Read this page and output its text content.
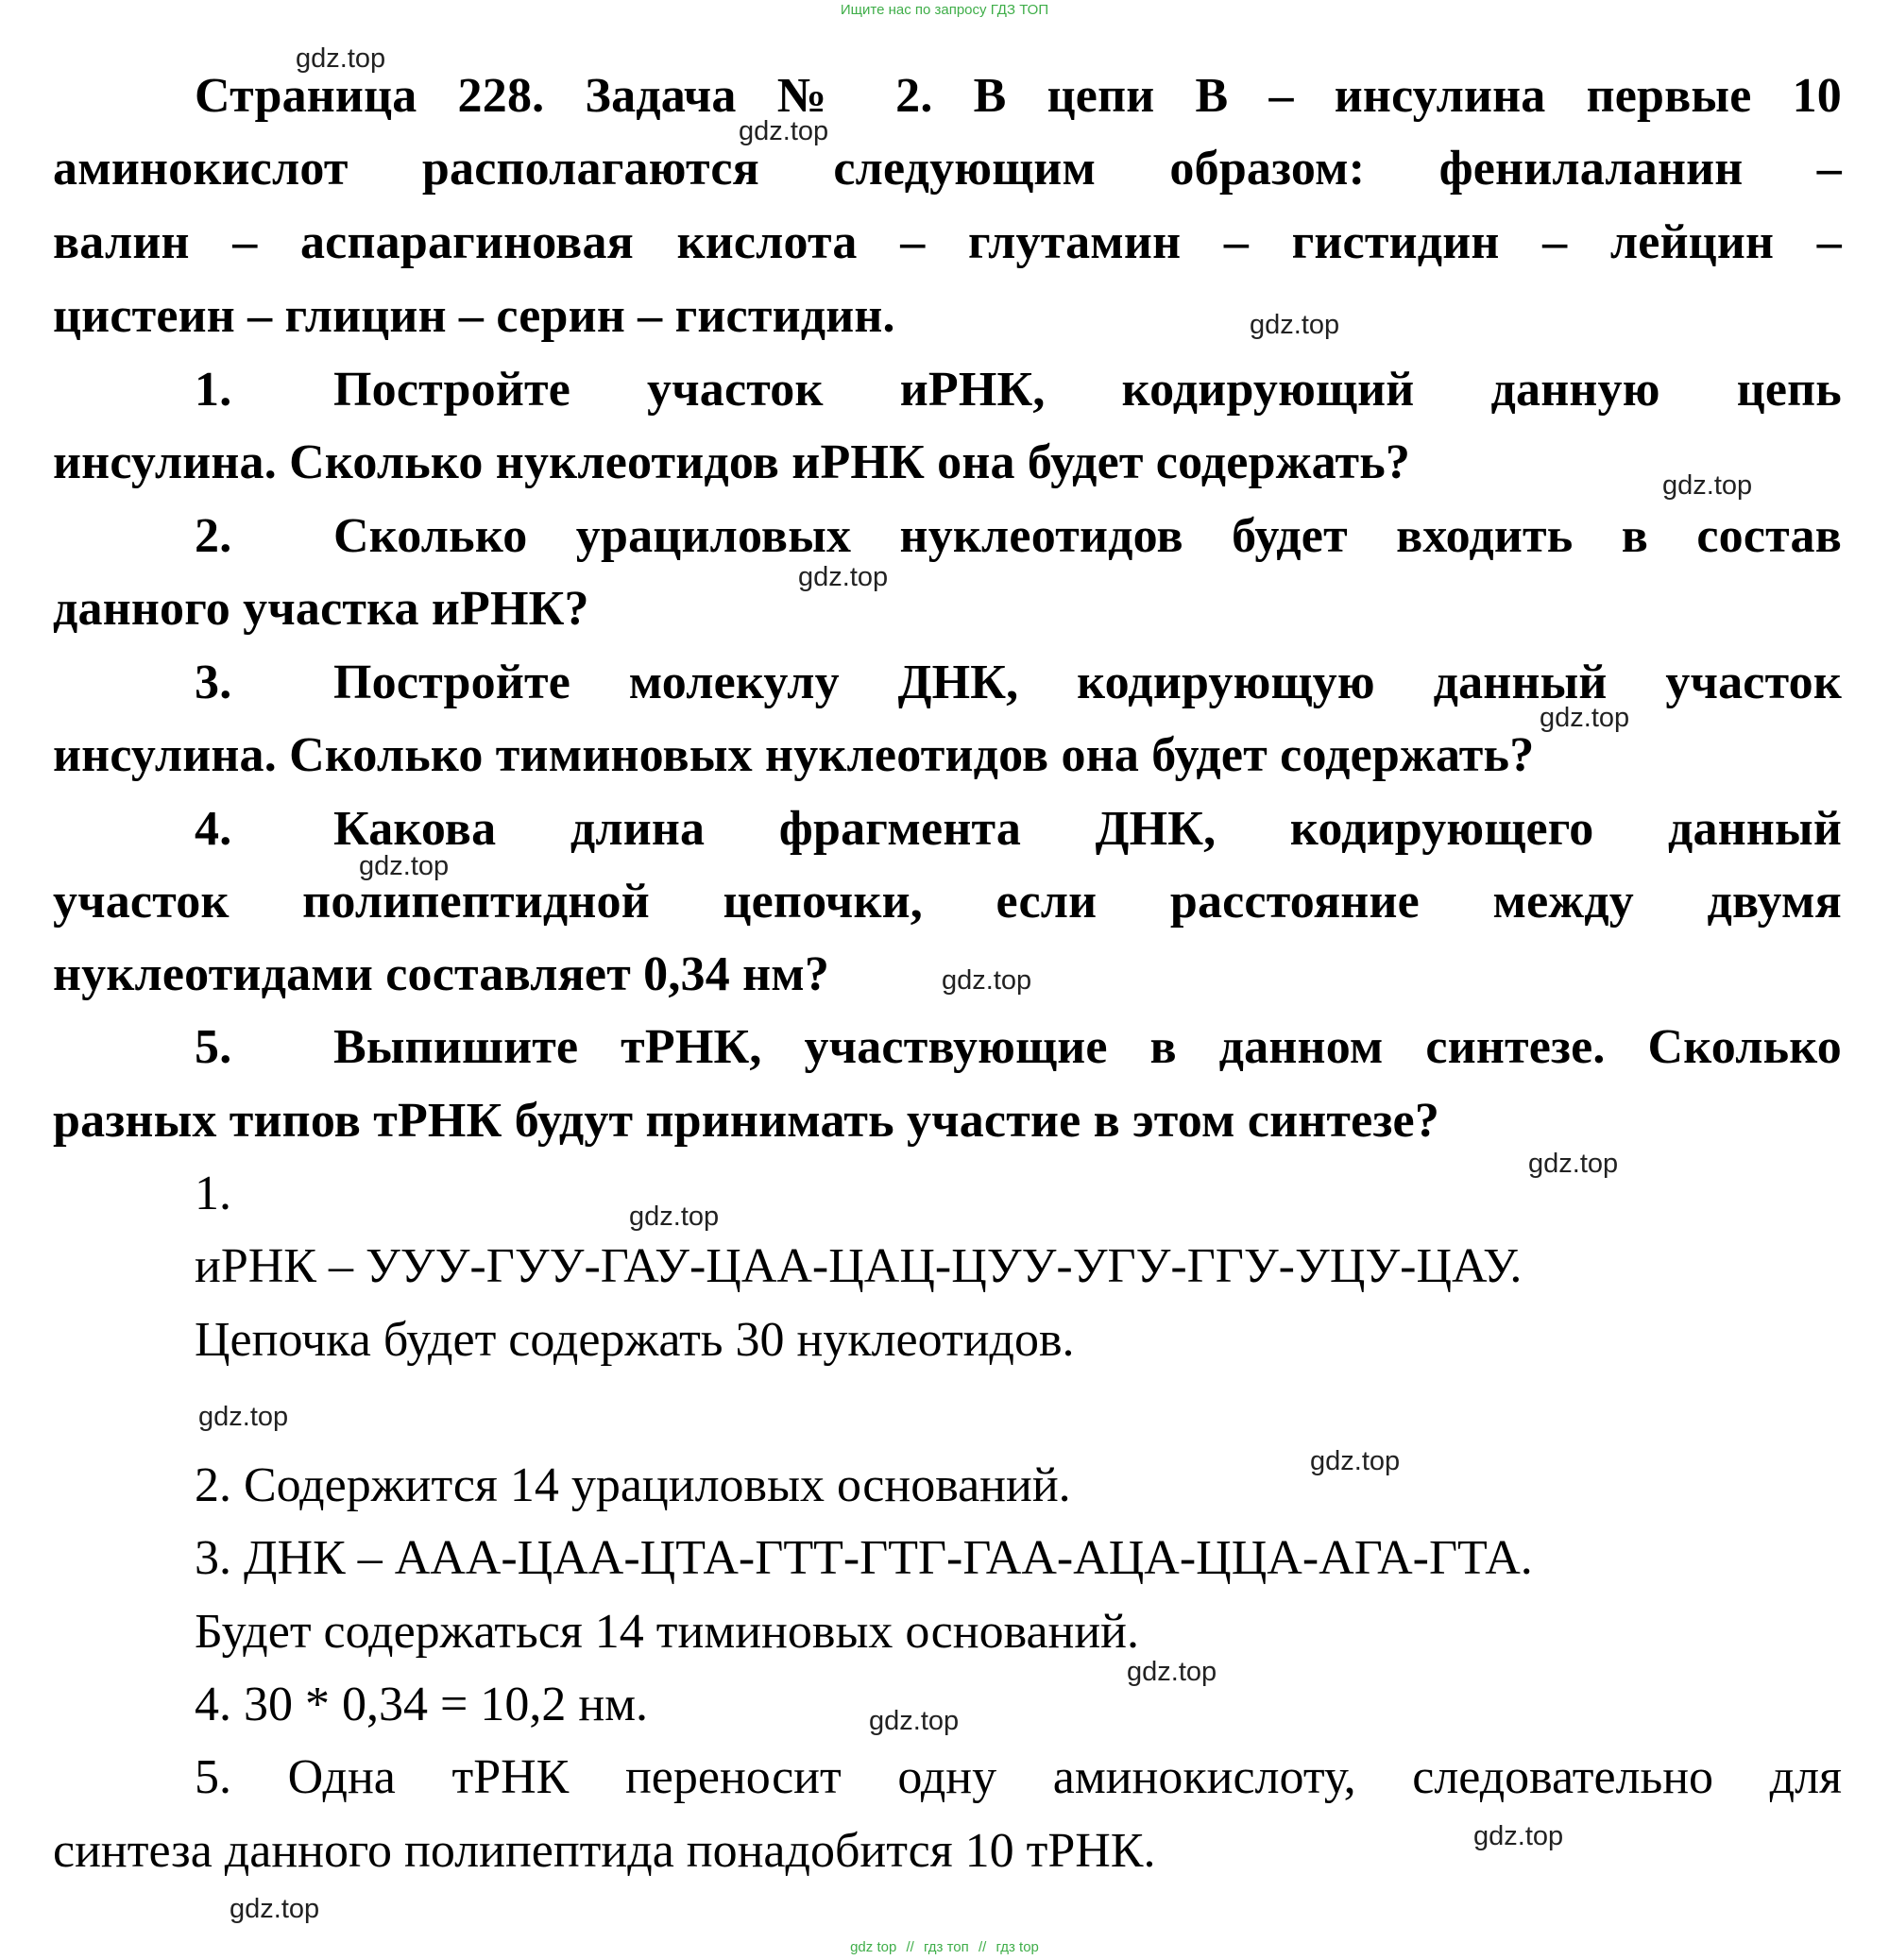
Ищите нас по запросу ГДЗ ТОП
gdz.top
gdz.top
gdz.top
gdz.top
gdz.top
gdz.top
gdz.top
gdz.top
gdz.top
gdz.top
gdz.top
gdz.top
gdz.top
gdz.top
gdz.top
gdz.top
Страница 228. Задача № 2. В цепи В – инсулина первые 10
аминокислот располагаются следующим образом: фенилаланин –
валин – аспарагиновая кислота – глутамин – гистидин – лейцин –
цистеин – глицин – серин – гистидин.
1. Постройте участок иРНК, кодирующий данную цепь
инсулина. Сколько нуклеотидов иРНК она будет содержать?
2. Сколько урациловых нуклеотидов будет входить в состав
данного участка иРНК?
3. Постройте молекулу ДНК, кодирующую данный участок
инсулина. Сколько тиминовых нуклеотидов она будет содержать?
4. Какова длина фрагмента ДНК, кодирующего данный
участок полипептидной цепочки, если расстояние между двумя
нуклеотидами составляет 0,34 нм?
5. Выпишите тРНК, участвующие в данном синтезе. Сколько
разных типов тРНК будут принимать участие в этом синтезе?
1.
иРНК – УУУ-ГУУ-ГАУ-ЦАА-ЦАЦ-ЦУУ-УГУ-ГГУ-УЦУ-ЦАУ.
Цепочка будет содержать 30 нуклеотидов.
2. Содержится 14 урациловых оснований.
3. ДНК – ААА-ЦАА-ЦТА-ГТТ-ГТГ-ГАА-АЦА-ЦЦА-АГА-ГТА.
Будет содержаться 14 тиминовых оснований.
4. 30 * 0,34 = 10,2 нм.
5. Одна тРНК переносит одну аминокислоту, следовательно для
синтеза данного полипептида понадобится 10 тРНК.
gdz top // гдз топ // гдз top
